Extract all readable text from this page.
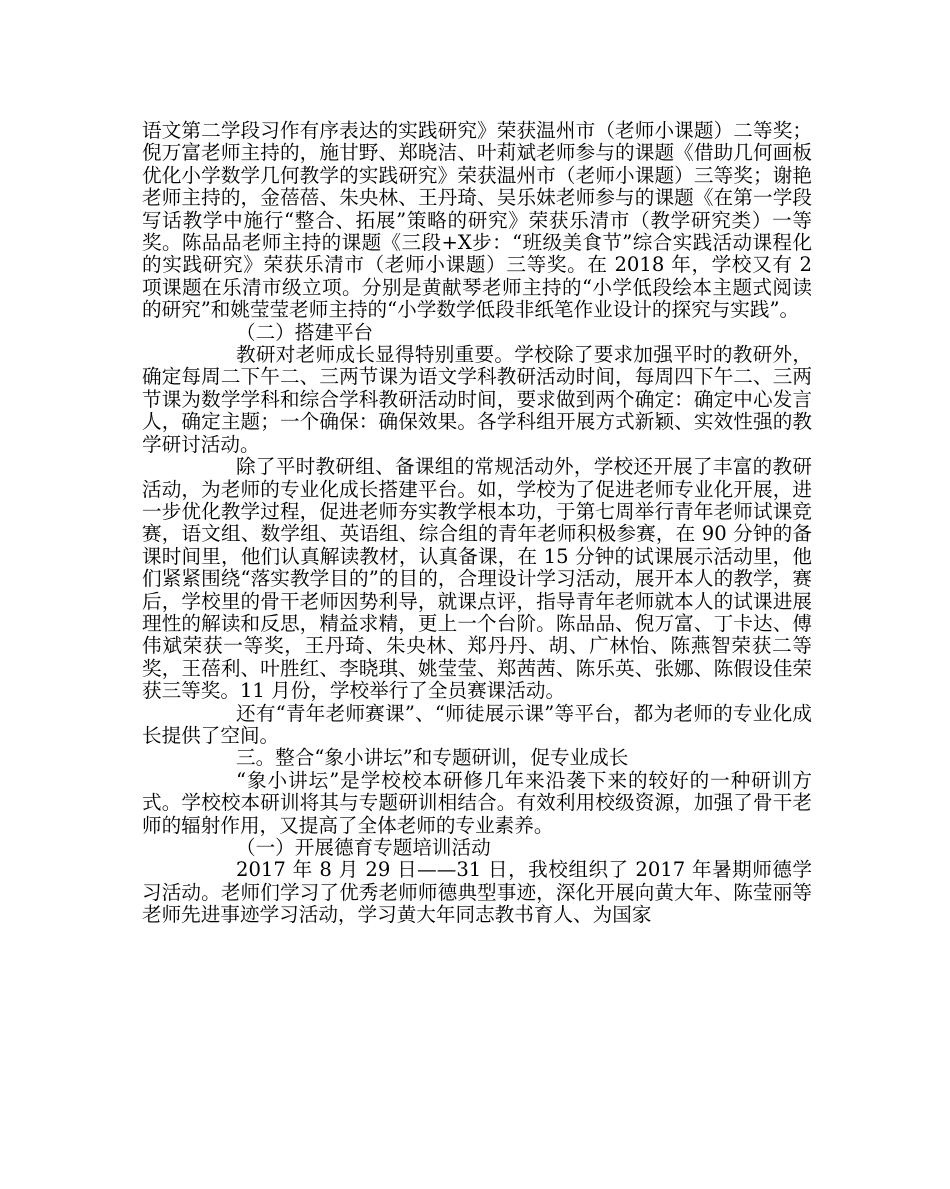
语文第二学段习作有序表达的实践研究》荣获温州市（老师小课题）二等奖；倪万富老师主持的，施甘野、郑晓洁、叶莉斌老师参与的课题《借助几何画板优化小学数学几何教学的实践研究》荣获温州市（老师小课题）三等奖；谢艳老师主持的，金蓓蓓、朱央林、王丹琦、吴乐妹老师参与的课题《在第一学段写话教学中施行“整合、拓展”策略的研究》荣获乐清市（教学研究类）一等奖。陈品品老师主持的课题《三段+X步：“班级美食节”综合实践活动课程化的实践研究》荣获乐清市（老师小课题）三等奖。在 2018 年，学校又有 2 项课题在乐清市级立项。分别是黄献琴老师主持的“小学低段绘本主题式阅读的研究”和姚莹莹老师主持的“小学数学低段非纸笔作业设计的探究与实践”。

（二）搭建平台

教研对老师成长显得特别重要。学校除了要求加强平时的教研外，确定每周二下午二、三两节课为语文学科教研活动时间，每周四下午二、三两节课为数学学科和综合学科教研活动时间，要求做到两个确定：确定中心发言人，确定主题；一个确保：确保效果。各学科组开展方式新颖、实效性强的教学研讨活动。

除了平时教研组、备课组的常规活动外，学校还开展了丰富的教研活动，为老师的专业化成长搭建平台。如，学校为了促进老师专业化开展，进一步优化教学过程，促进老师夯实教学根本功，于第七周举行青年老师试课竞赛，语文组、数学组、英语组、综合组的青年老师积极参赛，在 90 分钟的备课时间里，他们认真解读教材，认真备课，在 15 分钟的试课展示活动里，他们紧紧围绕“落实教学目的”的目的，合理设计学习活动，展开本人的教学，赛后，学校里的骨干老师因势利导，就课点评，指导青年老师就本人的试课进展理性的解读和反思，精益求精，更上一个台阶。陈品品、倪万富、丁卡达、傅伟斌荣获一等奖，王丹琦、朱央林、郑丹丹、胡、广林怡、陈燕智荣获二等奖，王蓓利、叶胜红、李晓琪、姚莹莹、郑茜茜、陈乐英、张娜、陈假设佳荣获三等奖。11 月份，学校举行了全员赛课活动。

还有“青年老师赛课”、“师徒展示课”等平台，都为老师的专业化成长提供了空间。

三。整合“象小讲坛”和专题研训，促专业成长

“象小讲坛”是学校校本研修几年来沿袭下来的较好的一种研训方式。学校校本研训将其与专题研训相结合。有效利用校级资源，加强了骨干老师的辐射作用，又提高了全体老师的专业素养。

（一）开展德育专题培训活动

2017 年 8 月 29 日——31 日，我校组织了 2017 年暑期师德学习活动。老师们学习了优秀老师师德典型事迹，深化开展向黄大年、陈莹丽等老师先进事迹学习活动，学习黄大年同志教书育人、为国家
